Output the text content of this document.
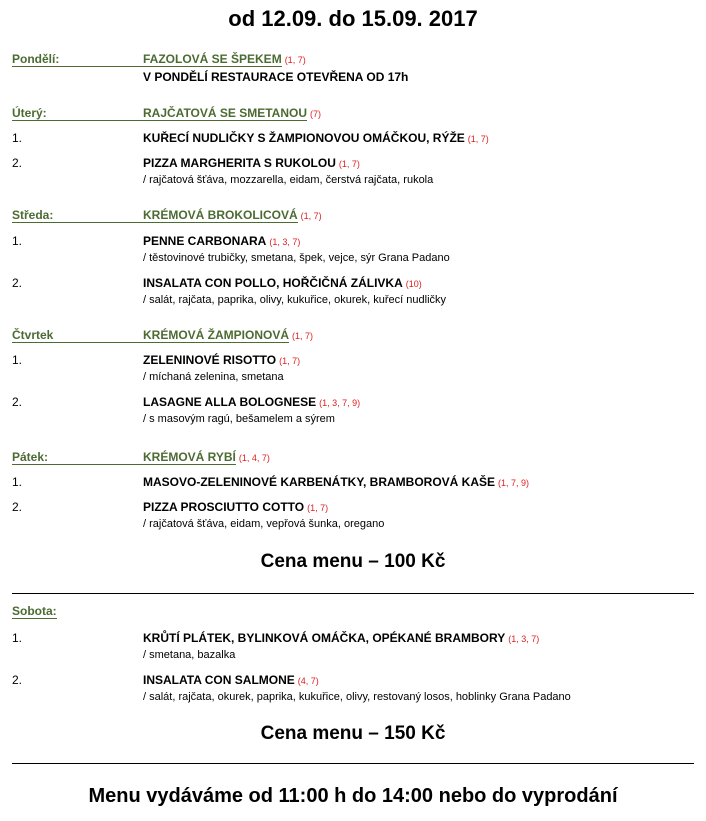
od 12.09. do 15.09. 2017
Pondělí:	FAZOLOVÁ SE ŠPEKEM (1, 7)
V PONDĚLÍ RESTAURACE OTEVŘENA OD 17h
Úterý:	RAJČATOVÁ SE SMETANOU (7)
1.	KUŘECÍ NUDLIČKY S ŽAMPIONOVOU OMÁČKOU, RÝŽE (1, 7)
2.	PIZZA MARGHERITA S RUKOLOU (1, 7)
/ rajčatová šťáva, mozzarella, eidam, čerstvá rajčata, rukola
Středa:	KRÉMOVÁ BROKOLICOVÁ (1, 7)
1.	PENNE CARBONARA (1, 3, 7)
/ těstovinové trubičky, smetana, špek, vejce, sýr Grana Padano
2.	INSALATA CON POLLO, HOŘČIČNÁ ZÁLIVKA (10)
/ salát, rajčata, paprika, olivy, kukuřice, okurek, kuřecí nudličky
Čtvrtek	KRÉMOVÁ ŽAMPIONOVÁ (1, 7)
1.	ZELENINOVÉ RISOTTO (1, 7)
/ míchaná zelenina, smetana
2.	LASAGNE ALLA BOLOGNESE (1, 3, 7, 9)
/ s masovým ragú, bešamelem a sýrem
Pátek:	KRÉMOVÁ RYBÍ (1, 4, 7)
1.	MASOVO-ZELENINOVÉ KARBENÁTKY, BRAMBOROVÁ KAŠE (1, 7, 9)
2.	PIZZA PROSCIUTTO COTTO (1, 7)
/ rajčatová šťáva, eidam, vepřová šunka, oregano
Cena menu – 100 Kč
Sobota:
1.	KRŮTÍ PLÁTEK, BYLINKOVÁ OMÁČKA, OPÉKANÉ BRAMBORY (1, 3, 7)
/ smetana, bazalka
2.	INSALATA CON SALMONE (4, 7)
/ salát, rajčata, okurek, paprika, kukuřice, olivy, restovaný losos, hoblinky Grana Padano
Cena menu – 150 Kč
Menu vydáváme od 11:00 h do 14:00 nebo do vyprodání
